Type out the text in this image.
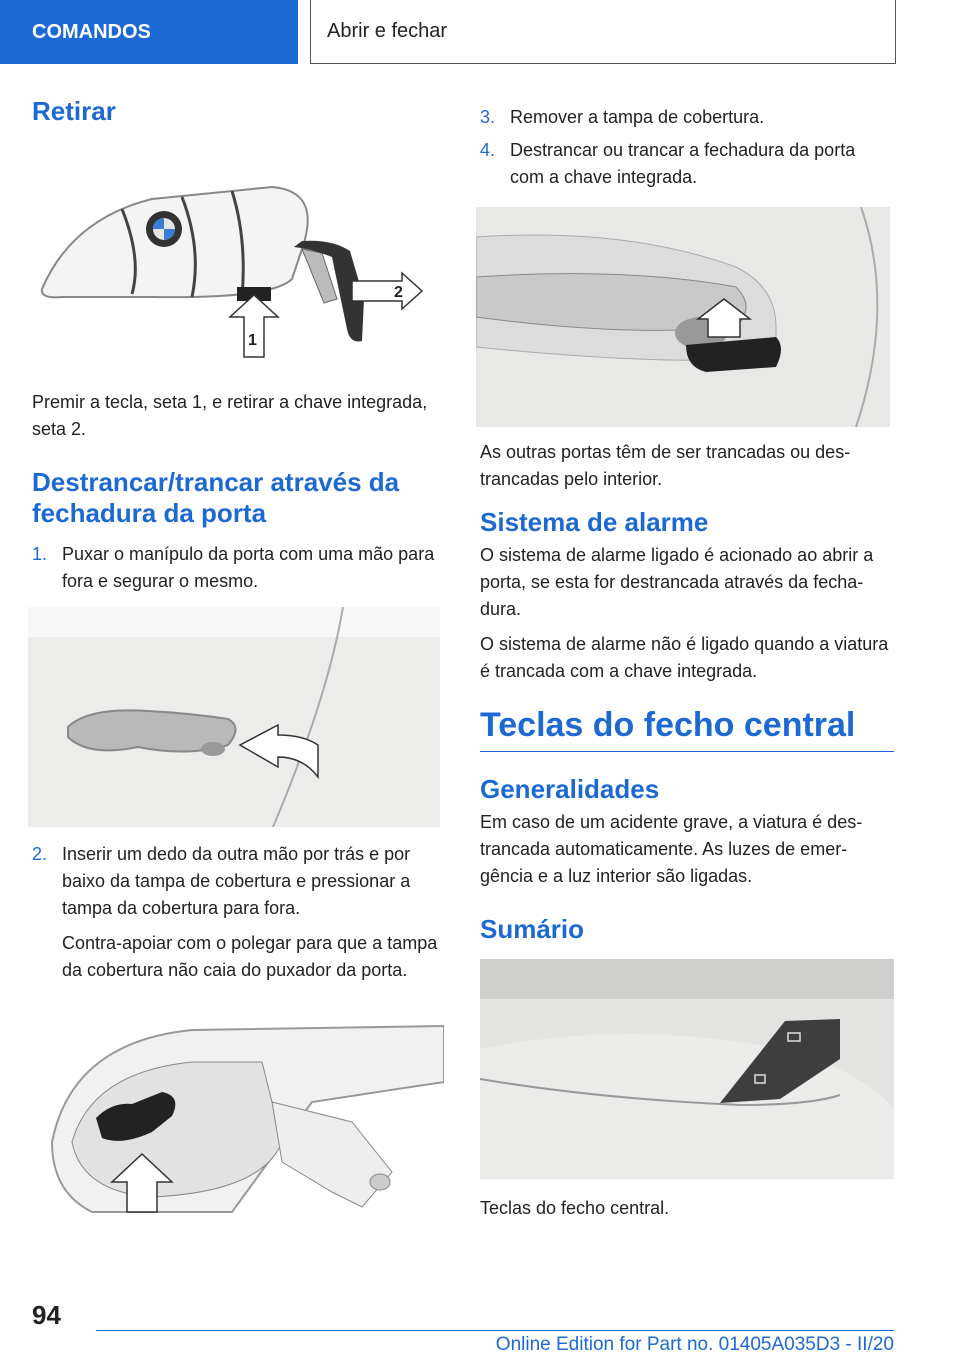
COMANDOS	Abrir e fechar
Retirar
2
1

Premir a tecla, seta 1, e retirar a chave integrada, seta 2.

Destrancar/trancar através da fechadura da porta
1. Puxar o manípulo da porta com uma mão para fora e segurar o mesmo.
2. Inserir um dedo da outra mão por trás e por baixo da tampa de cobertura e pressionar a tampa da cobertura para fora.

Contra-apoiar com o polegar para que a tampa da cobertura não caia do puxador da porta.

3. Remover a tampa de cobertura.
4. Destrancar ou trancar a fechadura da porta com a chave integrada.

As outras portas têm de ser trancadas ou destrancadas pelo interior.

Sistema de alarme

O sistema de alarme ligado é acionado ao abrir a porta, se esta for destrancada através da fechadura.

O sistema de alarme não é ligado quando a viatura é trancada com a chave integrada.

Teclas do fecho central
Generalidades

Em caso de um acidente grave, a viatura é destrancada automaticamente. As luzes de emergência e a luz interior são ligadas.

Sumário

Teclas do fecho central.

94
Online Edition for Part no. 01405A035D3 - II/20
